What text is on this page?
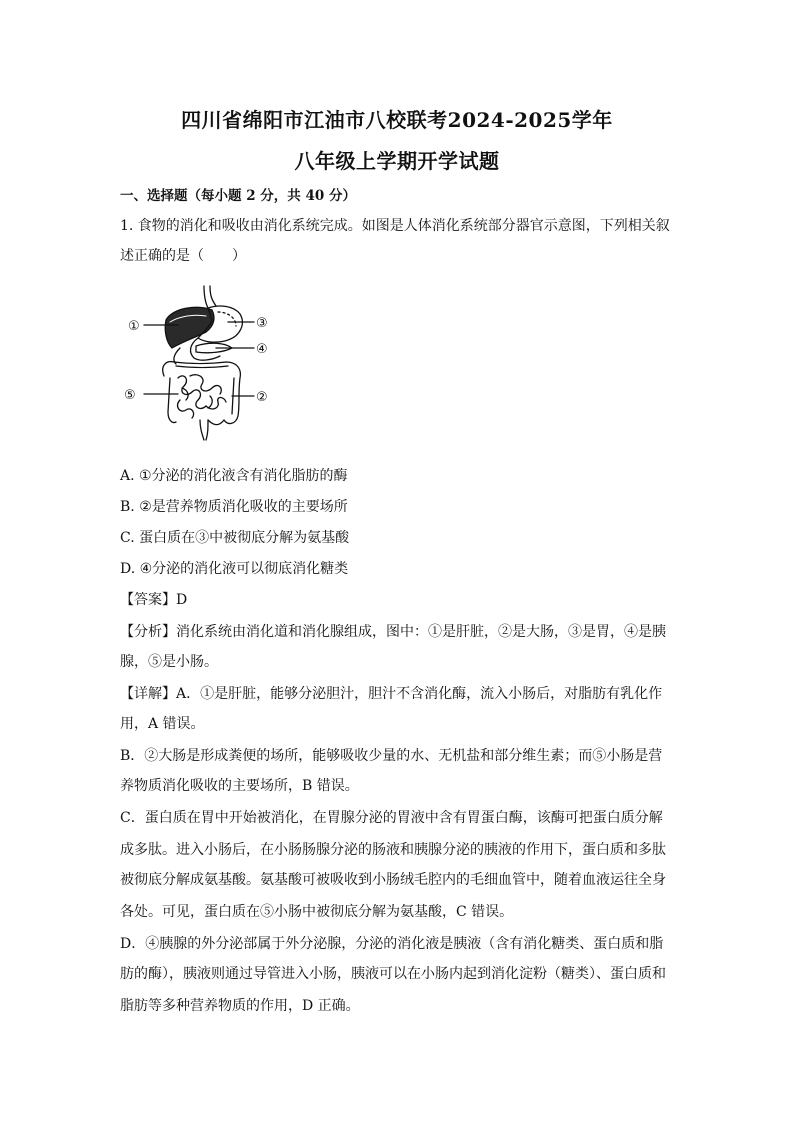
四川省绵阳市江油市八校联考2024-2025学年
八年级上学期开学试题
一、选择题（每小题 2 分，共 40 分）
1. 食物的消化和吸收由消化系统完成。如图是人体消化系统部分器官示意图，下列相关叙
述正确的是（　　）
①
②
③
④
⑤
A. ①分泌的消化液含有消化脂肪的酶
B. ②是营养物质消化吸收的主要场所
C. 蛋白质在③中被彻底分解为氨基酸
D. ④分泌的消化液可以彻底消化糖类
【答案】D
【分析】消化系统由消化道和消化腺组成，图中：①是肝脏，②是大肠，③是胃，④是胰
腺，⑤是小肠。
【详解】A．①是肝脏，能够分泌胆汁，胆汁不含消化酶，流入小肠后，对脂肪有乳化作
用，A 错误。
B．②大肠是形成粪便的场所，能够吸收少量的水、无机盐和部分维生素；而⑤小肠是营
养物质消化吸收的主要场所，B 错误。
C．蛋白质在胃中开始被消化，在胃腺分泌的胃液中含有胃蛋白酶，该酶可把蛋白质分解
成多肽。进入小肠后，在小肠肠腺分泌的肠液和胰腺分泌的胰液的作用下，蛋白质和多肽
被彻底分解成氨基酸。氨基酸可被吸收到小肠绒毛腔内的毛细血管中，随着血液运往全身
各处。可见，蛋白质在⑤小肠中被彻底分解为氨基酸，C 错误。
D．④胰腺的外分泌部属于外分泌腺，分泌的消化液是胰液（含有消化糖类、蛋白质和脂
肪的酶），胰液则通过导管进入小肠，胰液可以在小肠内起到消化淀粉（糖类）、蛋白质和
脂肪等多种营养物质的作用，D 正确。
